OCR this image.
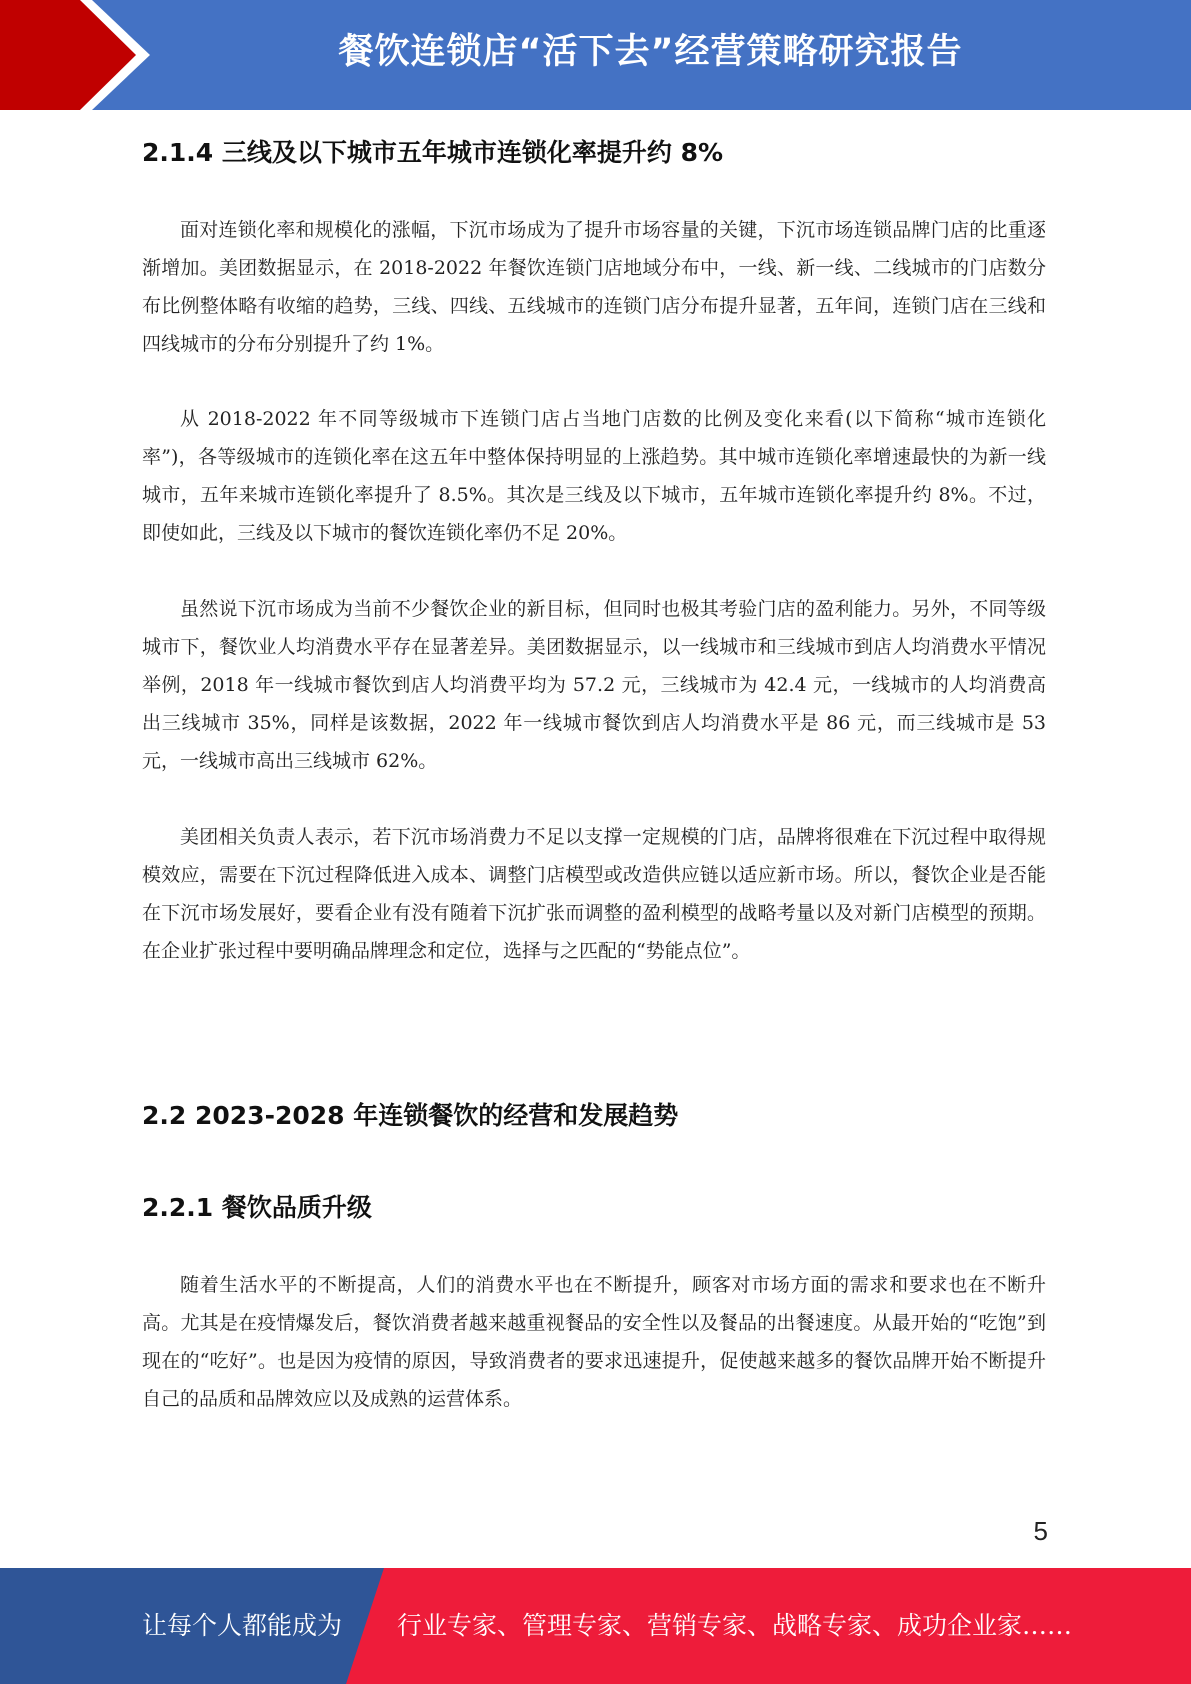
餐饮连锁店“活下去”经营策略研究报告
2.1.4 三线及以下城市五年城市连锁化率提升约 8%

面对连锁化率和规模化的涨幅，下沉市场成为了提升市场容量的关键，下沉市场连锁品牌门店的比重逐渐增加。美团数据显示，在 2018-2022 年餐饮连锁门店地域分布中，一线、新一线、二线城市的门店数分布比例整体略有收缩的趋势，三线、四线、五线城市的连锁门店分布提升显著，五年间，连锁门店在三线和四线城市的分布分别提升了约 1%。

从 2018-2022 年不同等级城市下连锁门店占当地门店数的比例及变化来看(以下简称“城市连锁化率”)，各等级城市的连锁化率在这五年中整体保持明显的上涨趋势。其中城市连锁化率增速最快的为新一线城市，五年来城市连锁化率提升了 8.5%。其次是三线及以下城市，五年城市连锁化率提升约 8%。不过，即使如此，三线及以下城市的餐饮连锁化率仍不足 20%。

虽然说下沉市场成为当前不少餐饮企业的新目标，但同时也极其考验门店的盈利能力。另外，不同等级城市下，餐饮业人均消费水平存在显著差异。美团数据显示，以一线城市和三线城市到店人均消费水平情况举例，2018 年一线城市餐饮到店人均消费平均为 57.2 元，三线城市为 42.4 元，一线城市的人均消费高出三线城市 35%，同样是该数据，2022 年一线城市餐饮到店人均消费水平是 86 元，而三线城市是 53 元，一线城市高出三线城市 62%。

美团相关负责人表示，若下沉市场消费力不足以支撑一定规模的门店，品牌将很难在下沉过程中取得规模效应，需要在下沉过程降低进入成本、调整门店模型或改造供应链以适应新市场。所以，餐饮企业是否能在下沉市场发展好，要看企业有没有随着下沉扩张而调整的盈利模型的战略考量以及对新门店模型的预期。在企业扩张过程中要明确品牌理念和定位，选择与之匹配的“势能点位”。

2.2 2023-2028 年连锁餐饮的经营和发展趋势
2.2.1 餐饮品质升级

随着生活水平的不断提高，人们的消费水平也在不断提升，顾客对市场方面的需求和要求也在不断升高。尤其是在疫情爆发后，餐饮消费者越来越重视餐品的安全性以及餐品的出餐速度。从最开始的“吃饱”到现在的“吃好”。也是因为疫情的原因，导致消费者的要求迅速提升，促使越来越多的餐饮品牌开始不断提升自己的品质和品牌效应以及成熟的运营体系。

5
让每个人都能成为 行业专家、管理专家、营销专家、战略专家、成功企业家……
